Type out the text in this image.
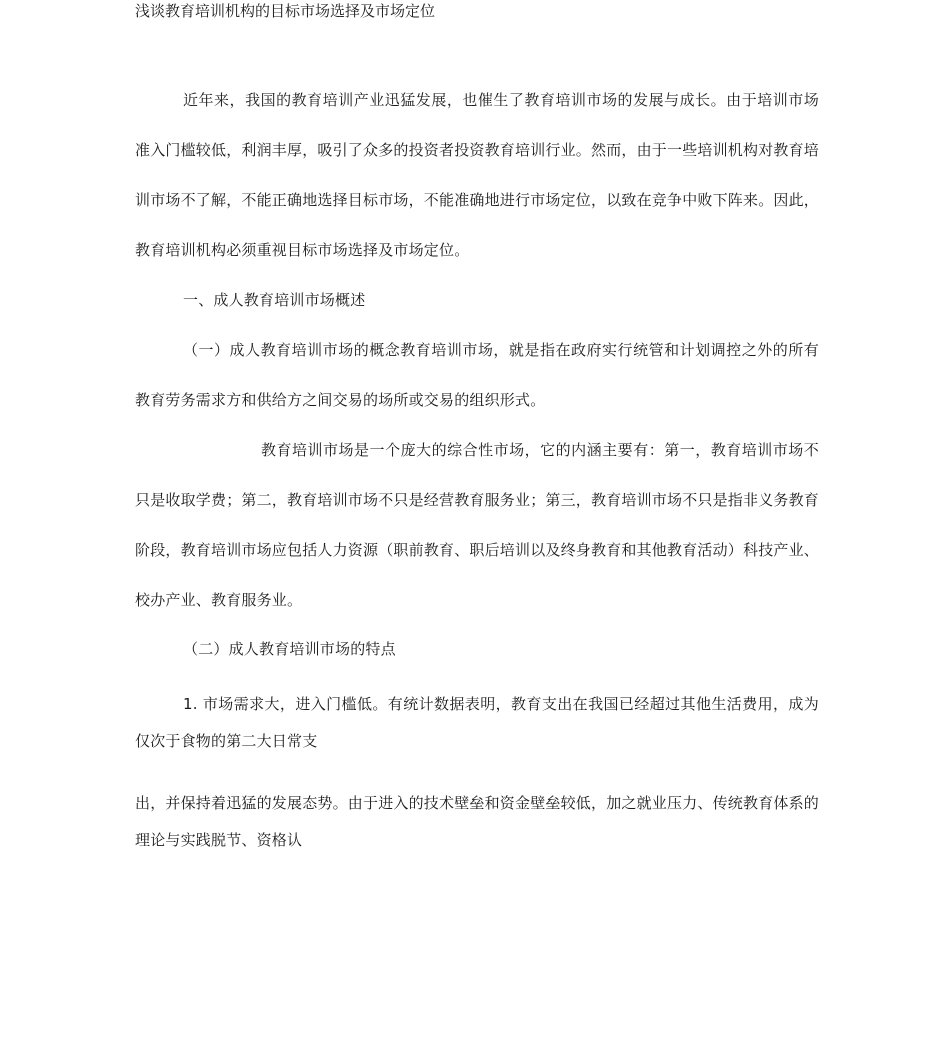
浅谈教育培训机构的目标市场选择及市场定位

近年来，我国的教育培训产业迅猛发展，也催生了教育培训市场的发展与成长。由于培训市场准入门槛较低，利润丰厚，吸引了众多的投资者投资教育培训行业。然而，由于一些培训机构对教育培训市场不了解，不能正确地选择目标市场，不能准确地进行市场定位，以致在竞争中败下阵来。因此，教育培训机构必须重视目标市场选择及市场定位。

一、成人教育培训市场概述

（一）成人教育培训市场的概念教育培训市场，就是指在政府实行统管和计划调控之外的所有教育劳务需求方和供给方之间交易的场所或交易的组织形式。

教育培训市场是一个庞大的综合性市场，它的内涵主要有：第一，教育培训市场不只是收取学费；第二，教育培训市场不只是经营教育服务业；第三，教育培训市场不只是指非义务教育阶段，教育培训市场应包括人力资源（职前教育、职后培训以及终身教育和其他教育活动）科技产业、校办产业、教育服务业。

（二）成人教育培训市场的特点

1. 市场需求大，进入门槛低。有统计数据表明，教育支出在我国已经超过其他生活费用，成为仅次于食物的第二大日常支

出，并保持着迅猛的发展态势。由于进入的技术壁垒和资金壁垒较低，加之就业压力、传统教育体系的理论与实践脱节、资格认
